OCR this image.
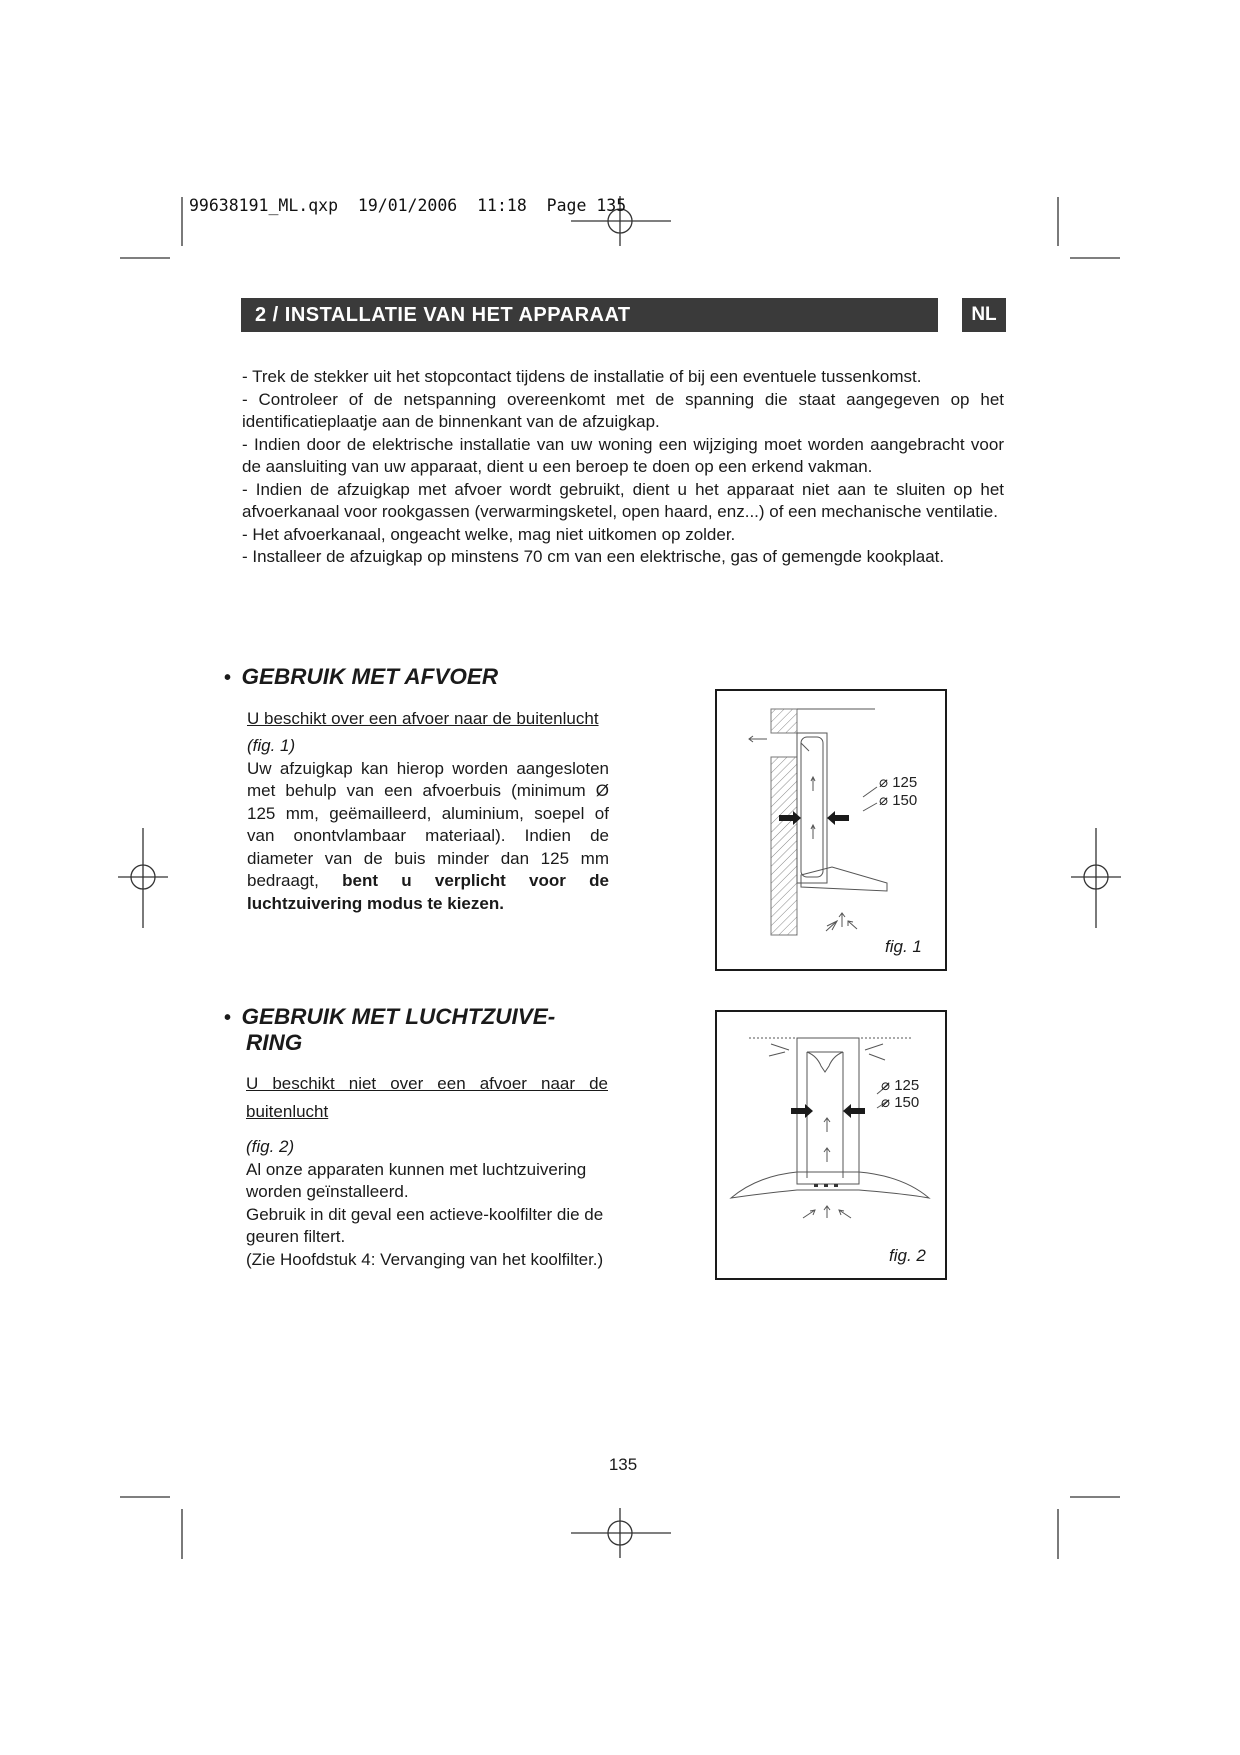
99638191_ML.qxp 19/01/2006 11:18 Page 135
2 / INSTALLATIE VAN HET APPARAAT	NL
- Trek de stekker uit het stopcontact tijdens de installatie of bij een eventuele tussenkomst.
- Controleer of de netspanning overeenkomt met de spanning die staat aangegeven op het identificatieplaatje aan de binnenkant van de afzuigkap.
- Indien door de elektrische installatie van uw woning een wijziging moet worden aangebracht voor de aansluiting van uw apparaat, dient u een beroep te doen op een erkend vakman.
- Indien de afzuigkap met afvoer wordt gebruikt, dient u het apparaat niet aan te sluiten op het afvoerkanaal voor rookgassen (verwarmingsketel, open haard, enz...) of een mechanische ventilatie.
- Het afvoerkanaal, ongeacht welke, mag niet uitkomen op zolder.
- Installeer de afzuigkap op minstens 70 cm van een elektrische, gas of gemengde kookplaat.
• GEBRUIK MET AFVOER
U beschikt over een afvoer naar de buitenlucht
(fig. 1)
Uw afzuigkap kan hierop worden aangesloten met behulp van een afvoerbuis (minimum Ø 125 mm, geëmailleerd, aluminium, soepel of van onontvlambaar materiaal). Indien de diameter van de buis minder dan 125 mm bedraagt, bent u verplicht voor de luchtzuivering modus te kiezen.
• GEBRUIK MET LUCHTZUIVE-
RING
U beschikt niet over een afvoer naar de buitenlucht
(fig. 2)
Al onze apparaten kunnen met luchtzuivering worden geïnstalleerd.
Gebruik in dit geval een actieve-koolfilter die de geuren filtert.
(Zie Hoofdstuk 4: Vervanging van het koolfilter.)
⌀ 125
⌀ 150
fig. 1
⌀ 125
⌀ 150
fig. 2
135
